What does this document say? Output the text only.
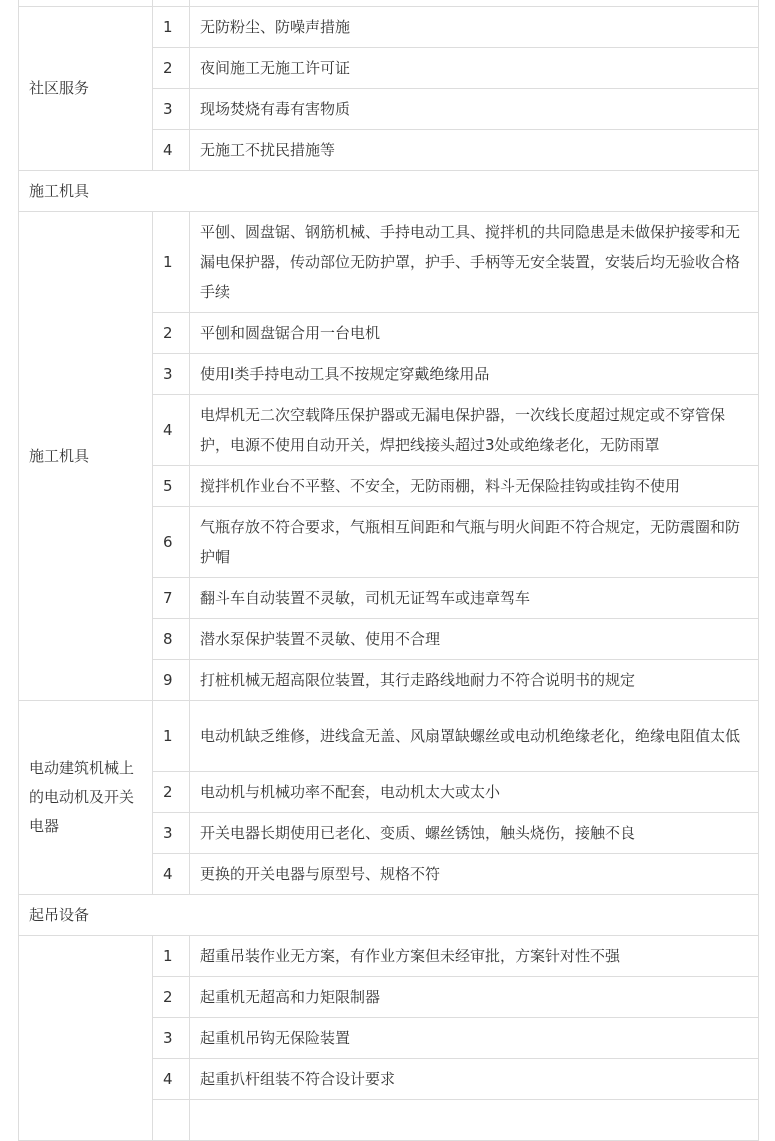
社区服务	1	无防粉尘、防噪声措施
	2	夜间施工无施工许可证
	3	现场焚烧有毒有害物质
	4	无施工不扰民措施等
施工机具		
施工机具	1	平刨、圆盘锯、钢筋机械、手持电动工具、搅拌机的共同隐患是未做保护接零和无漏电保护器，传动部位无防护罩，护手、手柄等无安全装置，安装后均无验收合格手续
	2	平刨和圆盘锯合用一台电机
	3	使用I类手持电动工具不按规定穿戴绝缘用品
	4	电焊机无二次空载降压保护器或无漏电保护器，一次线长度超过规定或不穿管保护，电源不使用自动开关，焊把线接头超过3处或绝缘老化，无防雨罩
	5	搅拌机作业台不平整、不安全，无防雨棚，料斗无保险挂钩或挂钩不使用
	6	气瓶存放不符合要求，气瓶相互间距和气瓶与明火间距不符合规定，无防震圈和防护帽
	7	翻斗车自动装置不灵敏，司机无证驾车或违章驾车
	8	潜水泵保护装置不灵敏、使用不合理
	9	打桩机械无超高限位装置，其行走路线地耐力不符合说明书的规定
电动建筑机械上的电动机及开关电器	1	电动机缺乏维修，进线盒无盖、风扇罩缺螺丝或电动机绝缘老化，绝缘电阻值太低
	2	电动机与机械功率不配套，电动机太大或太小
	3	开关电器长期使用已老化、变质、螺丝锈蚀，触头烧伤，接触不良
	4	更换的开关电器与原型号、规格不符
起吊设备		
	1	超重吊装作业无方案，有作业方案但未经审批，方案针对性不强
	2	起重机无超高和力矩限制器
	3	起重机吊钩无保险装置
	4	起重扒杆组装不符合设计要求
